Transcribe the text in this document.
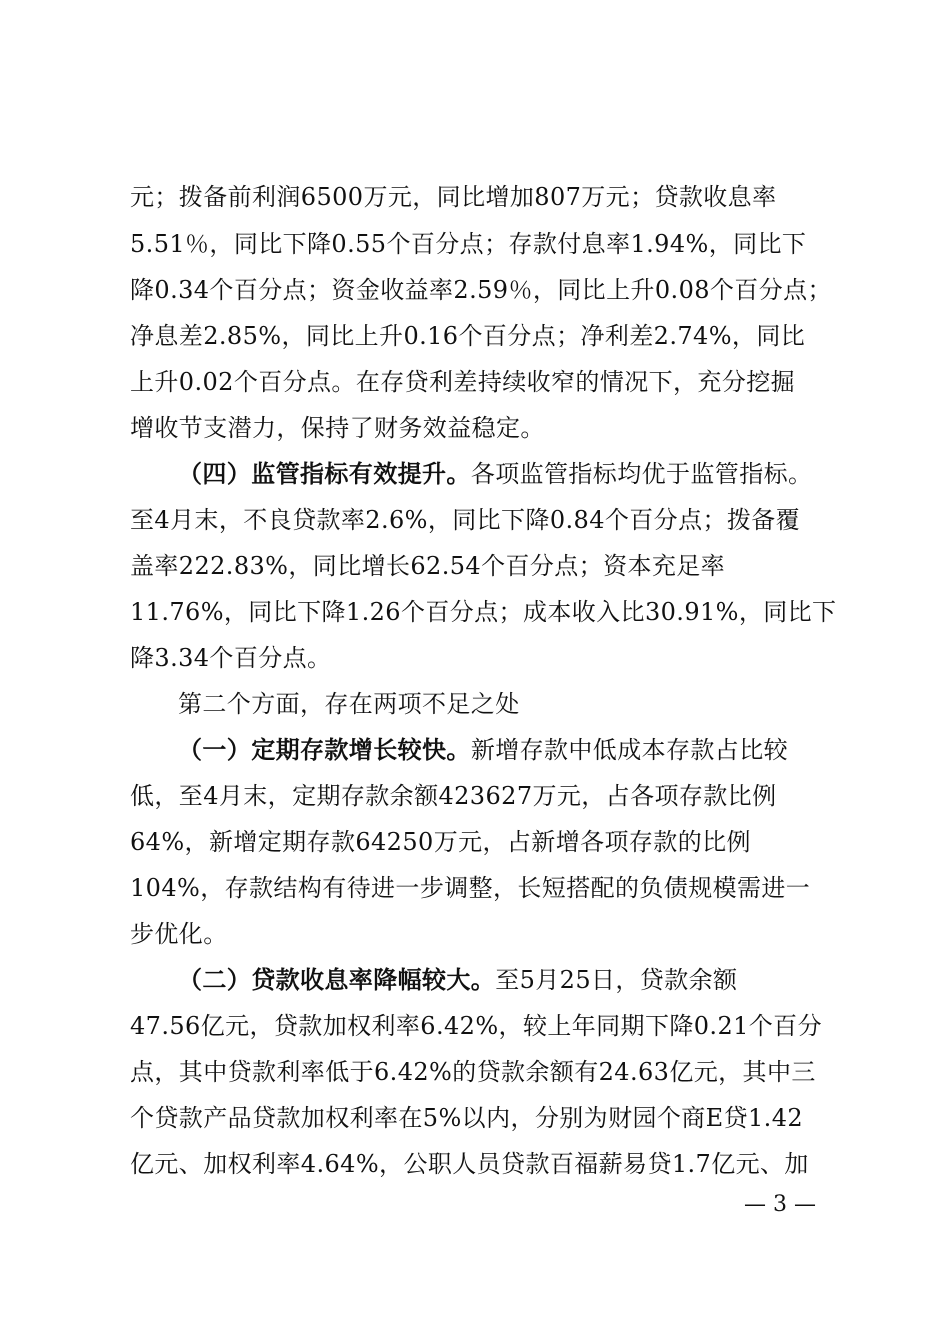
元；拨备前利润6500万元，同比增加807万元；贷款收息率
5.51％，同比下降0.55个百分点；存款付息率1.94%，同比下
降0.34个百分点；资金收益率2.59％，同比上升0.08个百分点；
净息差2.85%，同比上升0.16个百分点；净利差2.74%，同比
上升0.02个百分点。在存贷利差持续收窄的情况下，充分挖掘
增收节支潜力，保持了财务效益稳定。
（四）监管指标有效提升。各项监管指标均优于监管指标。
至4月末，不良贷款率2.6%，同比下降0.84个百分点；拨备覆
盖率222.83%，同比增长62.54个百分点；资本充足率
11.76%，同比下降1.26个百分点；成本收入比30.91%，同比下
降3.34个百分点。
第二个方面，存在两项不足之处
（一）定期存款增长较快。新增存款中低成本存款占比较
低，至4月末，定期存款余额423627万元，占各项存款比例
64%，新增定期存款64250万元，占新增各项存款的比例
104%，存款结构有待进一步调整，长短搭配的负债规模需进一
步优化。
（二）贷款收息率降幅较大。至5月25日，贷款余额
47.56亿元，贷款加权利率6.42%，较上年同期下降0.21个百分
点，其中贷款利率低于6.42%的贷款余额有24.63亿元，其中三
个贷款产品贷款加权利率在5%以内，分别为财园个商E贷1.42
亿元、加权利率4.64%，公职人员贷款百福薪易贷1.7亿元、加
— 3 —
